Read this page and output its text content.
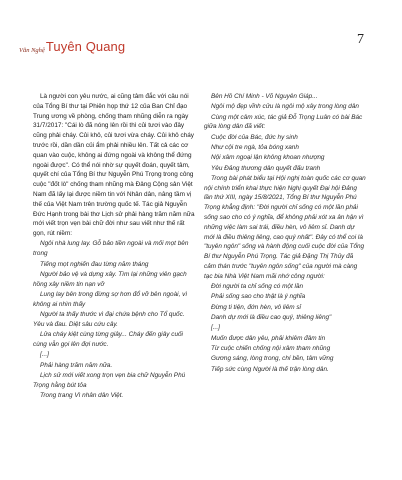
Văn Nghệ Tuyên Quang	7

Là người con yêu nước, ai cũng tâm đắc với câu nói của Tổng Bí thư tại Phiên họp thứ 12 của Ban Chỉ đạo Trung ương về phòng, chống tham nhũng diễn ra ngày 31/7/2017: "Cái lò đã nóng lên rồi thì củi tươi vào đây cũng phải cháy. Củi khô, củi tươi vừa cháy. Củi khô cháy trước rồi, dần dần củi ẩm phải nhiều lên. Tất cả các cơ quan vào cuộc, không ai đứng ngoài và không thể đứng ngoài được". Có thể nói nhờ sự quyết đoán, quyết tâm, quyết chí của Tổng Bí thư Nguyễn Phú Trọng trong công cuộc "đốt lò" chống tham nhũng mà Đảng Cộng sản Việt Nam đã lấy lại được niềm tin với Nhân dân, nâng tầm vị thế của Việt Nam trên trường quốc tế. Tác giả Nguyễn Đức Hạnh trong bài thơ Lịch sử phải hàng trăm năm nữa mới viết trọn vẹn bài chữ đời như sau viết như thế rất gọn, rút niềm:

Ngôi nhà lung lay. Gỗ bảo tiền ngoài và mối mọt bên trong

Tiếng mọt nghiến đau từng năm tháng

Người bảo vệ và dựng xây. Tìm lại những viên gạch hồng xây niềm tin nạn vỡ

Lung lay bên trong đừng sợ hơn đổ vỡ bên ngoài, vì không ai nhìn thấy

Người ta thấy thước vì đại chứa bệnh cho Tổ quốc. Yêu và đau. Diệt sâu cứu cây.

Lửa cháy kiệt cùng từng giây... Cháy đến giây cuối cùng vẫn gọi lên đợi nước.

[...]

Phải hàng trăm năm nữa.

Lịch sử mới viết xong trọn vẹn bia chữ Nguyễn Phú Trọng hằng bút tỏa

Trong trang Vì nhân dân Việt.

Bên Hồ Chí Minh - Võ Nguyên Giáp...

Ngôi mộ đẹp vĩnh cửu là ngôi mộ xây trong lòng dân

Cùng một câm xúc, tác giả Đỗ Trọng Luân có bài Bác giữa lòng dân đã viết:

Cuộc đời của Bác, đức hy sinh

Như cội tre ngà, tỏa bóng xanh

Nội xâm ngoại lận không khoan nhượng

Yêu Đảng thương dân quyết đấu tranh

Trong bài phát biểu tại Hội nghị toàn quốc các cơ quan nội chính triển khai thực hiện Nghị quyết Đại hội Đảng lần thứ XIII, ngày 15/8/2021, Tổng Bí thư Nguyễn Phú Trọng khẳng định: "Đời người chỉ sống có một lần phải sống sao cho có ý nghĩa, để không phải xót xa ân hận vì những việc làm sai trái, điều hèn, vô liêm sỉ. Danh dự mới là điều thiêng liêng, cao quý nhất". Đây có thể coi là "tuyên ngôn" sống và hành động cuối cuộc đời của Tổng Bí thư Nguyễn Phú Trọng. Tác giả Đặng Thị Thủy đã cảm thán trước "tuyên ngôn sống" của người mà càng tạc bia Nhà Việt Nam mãi nhớ công người:

Đời người ta chỉ sống có một lần

Phải sống sao cho thật là ý nghĩa

Đừng ti tiện, đớn hèn, vô liêm sỉ

Danh dự mới là điều cao quý, thiêng liêng"

[...]

Muốn được dân yêu, phải khiêm đâm tin

Từ cuộc chiến chống nội xâm tham nhũng

Gương sáng, lòng trong, chí bền, tâm vững

Tiếp sức cùng Người là thế trận lòng dân.
